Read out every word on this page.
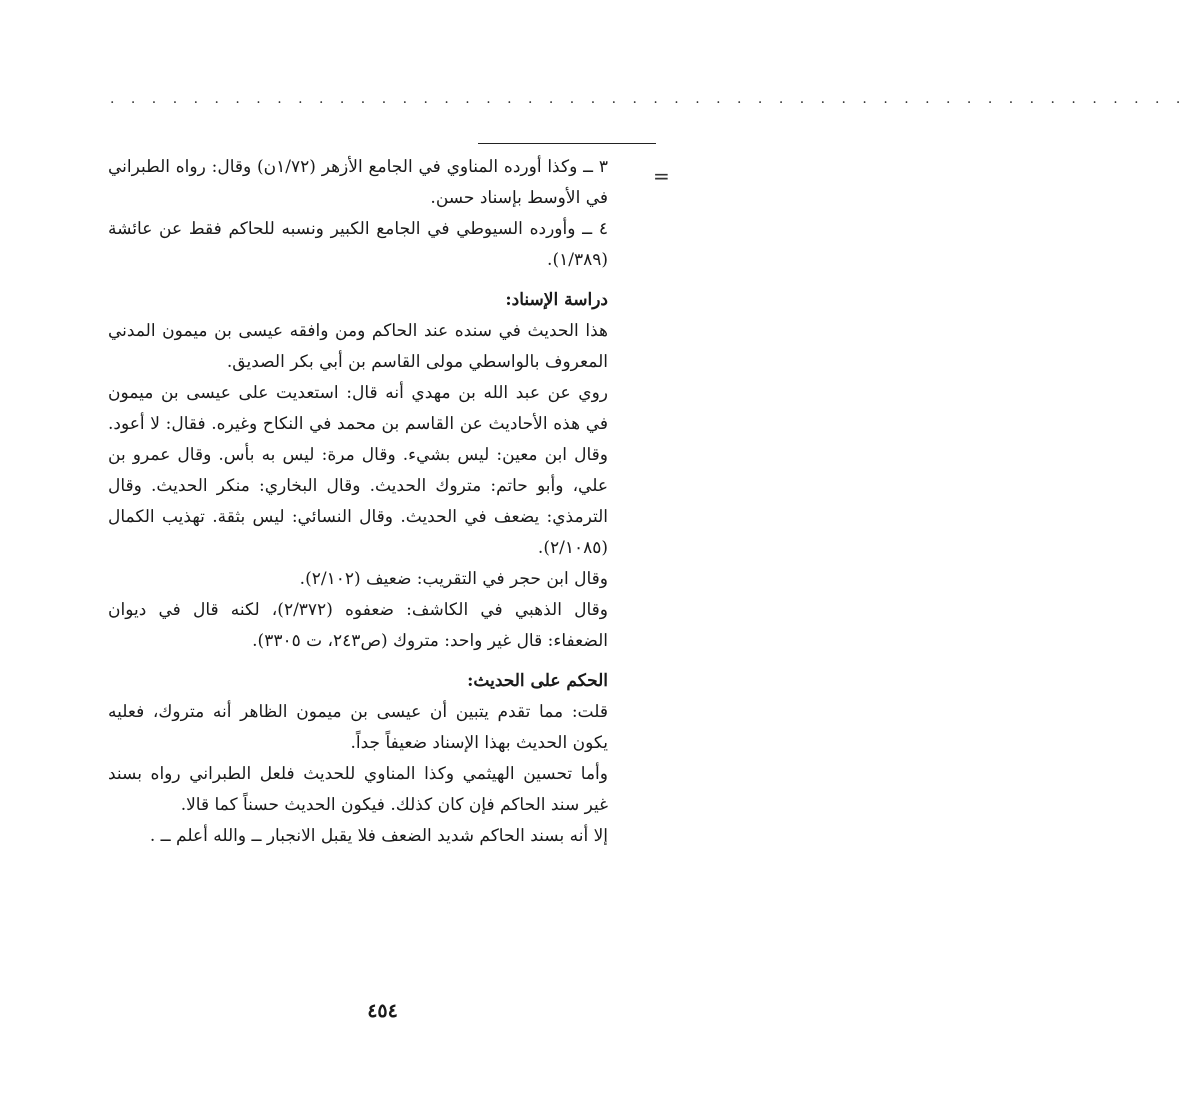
· · · · · · · · · · · · · · · · · · · · · · · · · · · · · · · · · · · · · · · · · · · · · · · · · · · ·
=

٣ ــ وكذا أورده المناوي في الجامع الأزهر (١/٧٢ن) وقال: رواه الطبراني في الأوسط بإسناد حسن.

٤ ــ وأورده السيوطي في الجامع الكبير ونسبه للحاكم فقط عن عائشة (١/٣٨٩).

دراسة الإسناد:

هذا الحديث في سنده عند الحاكم ومن وافقه عيسى بن ميمون المدني المعروف بالواسطي مولى القاسم بن أبي بكر الصديق.

روي عن عبد الله بن مهدي أنه قال: استعديت على عيسى بن ميمون في هذه الأحاديث عن القاسم بن محمد في النكاح وغيره. فقال: لا أعود. وقال ابن معين: ليس بشيء. وقال مرة: ليس به بأس. وقال عمرو بن علي، وأبو حاتم: متروك الحديث. وقال البخاري: منكر الحديث. وقال الترمذي: يضعف في الحديث. وقال النسائي: ليس بثقة. تهذيب الكمال (٢/١٠٨٥).

وقال ابن حجر في التقريب: ضعيف (٢/١٠٢).

وقال الذهبي في الكاشف: ضعفوه (٢/٣٧٢)، لكنه قال في ديوان الضعفاء: قال غير واحد: متروك (ص٢٤٣، ت ٣٣٠٥).

الحكم على الحديث:

قلت: مما تقدم يتبين أن عيسى بن ميمون الظاهر أنه متروك، فعليه يكون الحديث بهذا الإسناد ضعيفاً جداً.

وأما تحسين الهيثمي وكذا المناوي للحديث فلعل الطبراني رواه بسند غير سند الحاكم فإن كان كذلك. فيكون الحديث حسناً كما قالا.

إلا أنه بسند الحاكم شديد الضعف فلا يقبل الانجبار ــ والله أعلم ــ .

٤٥٤
